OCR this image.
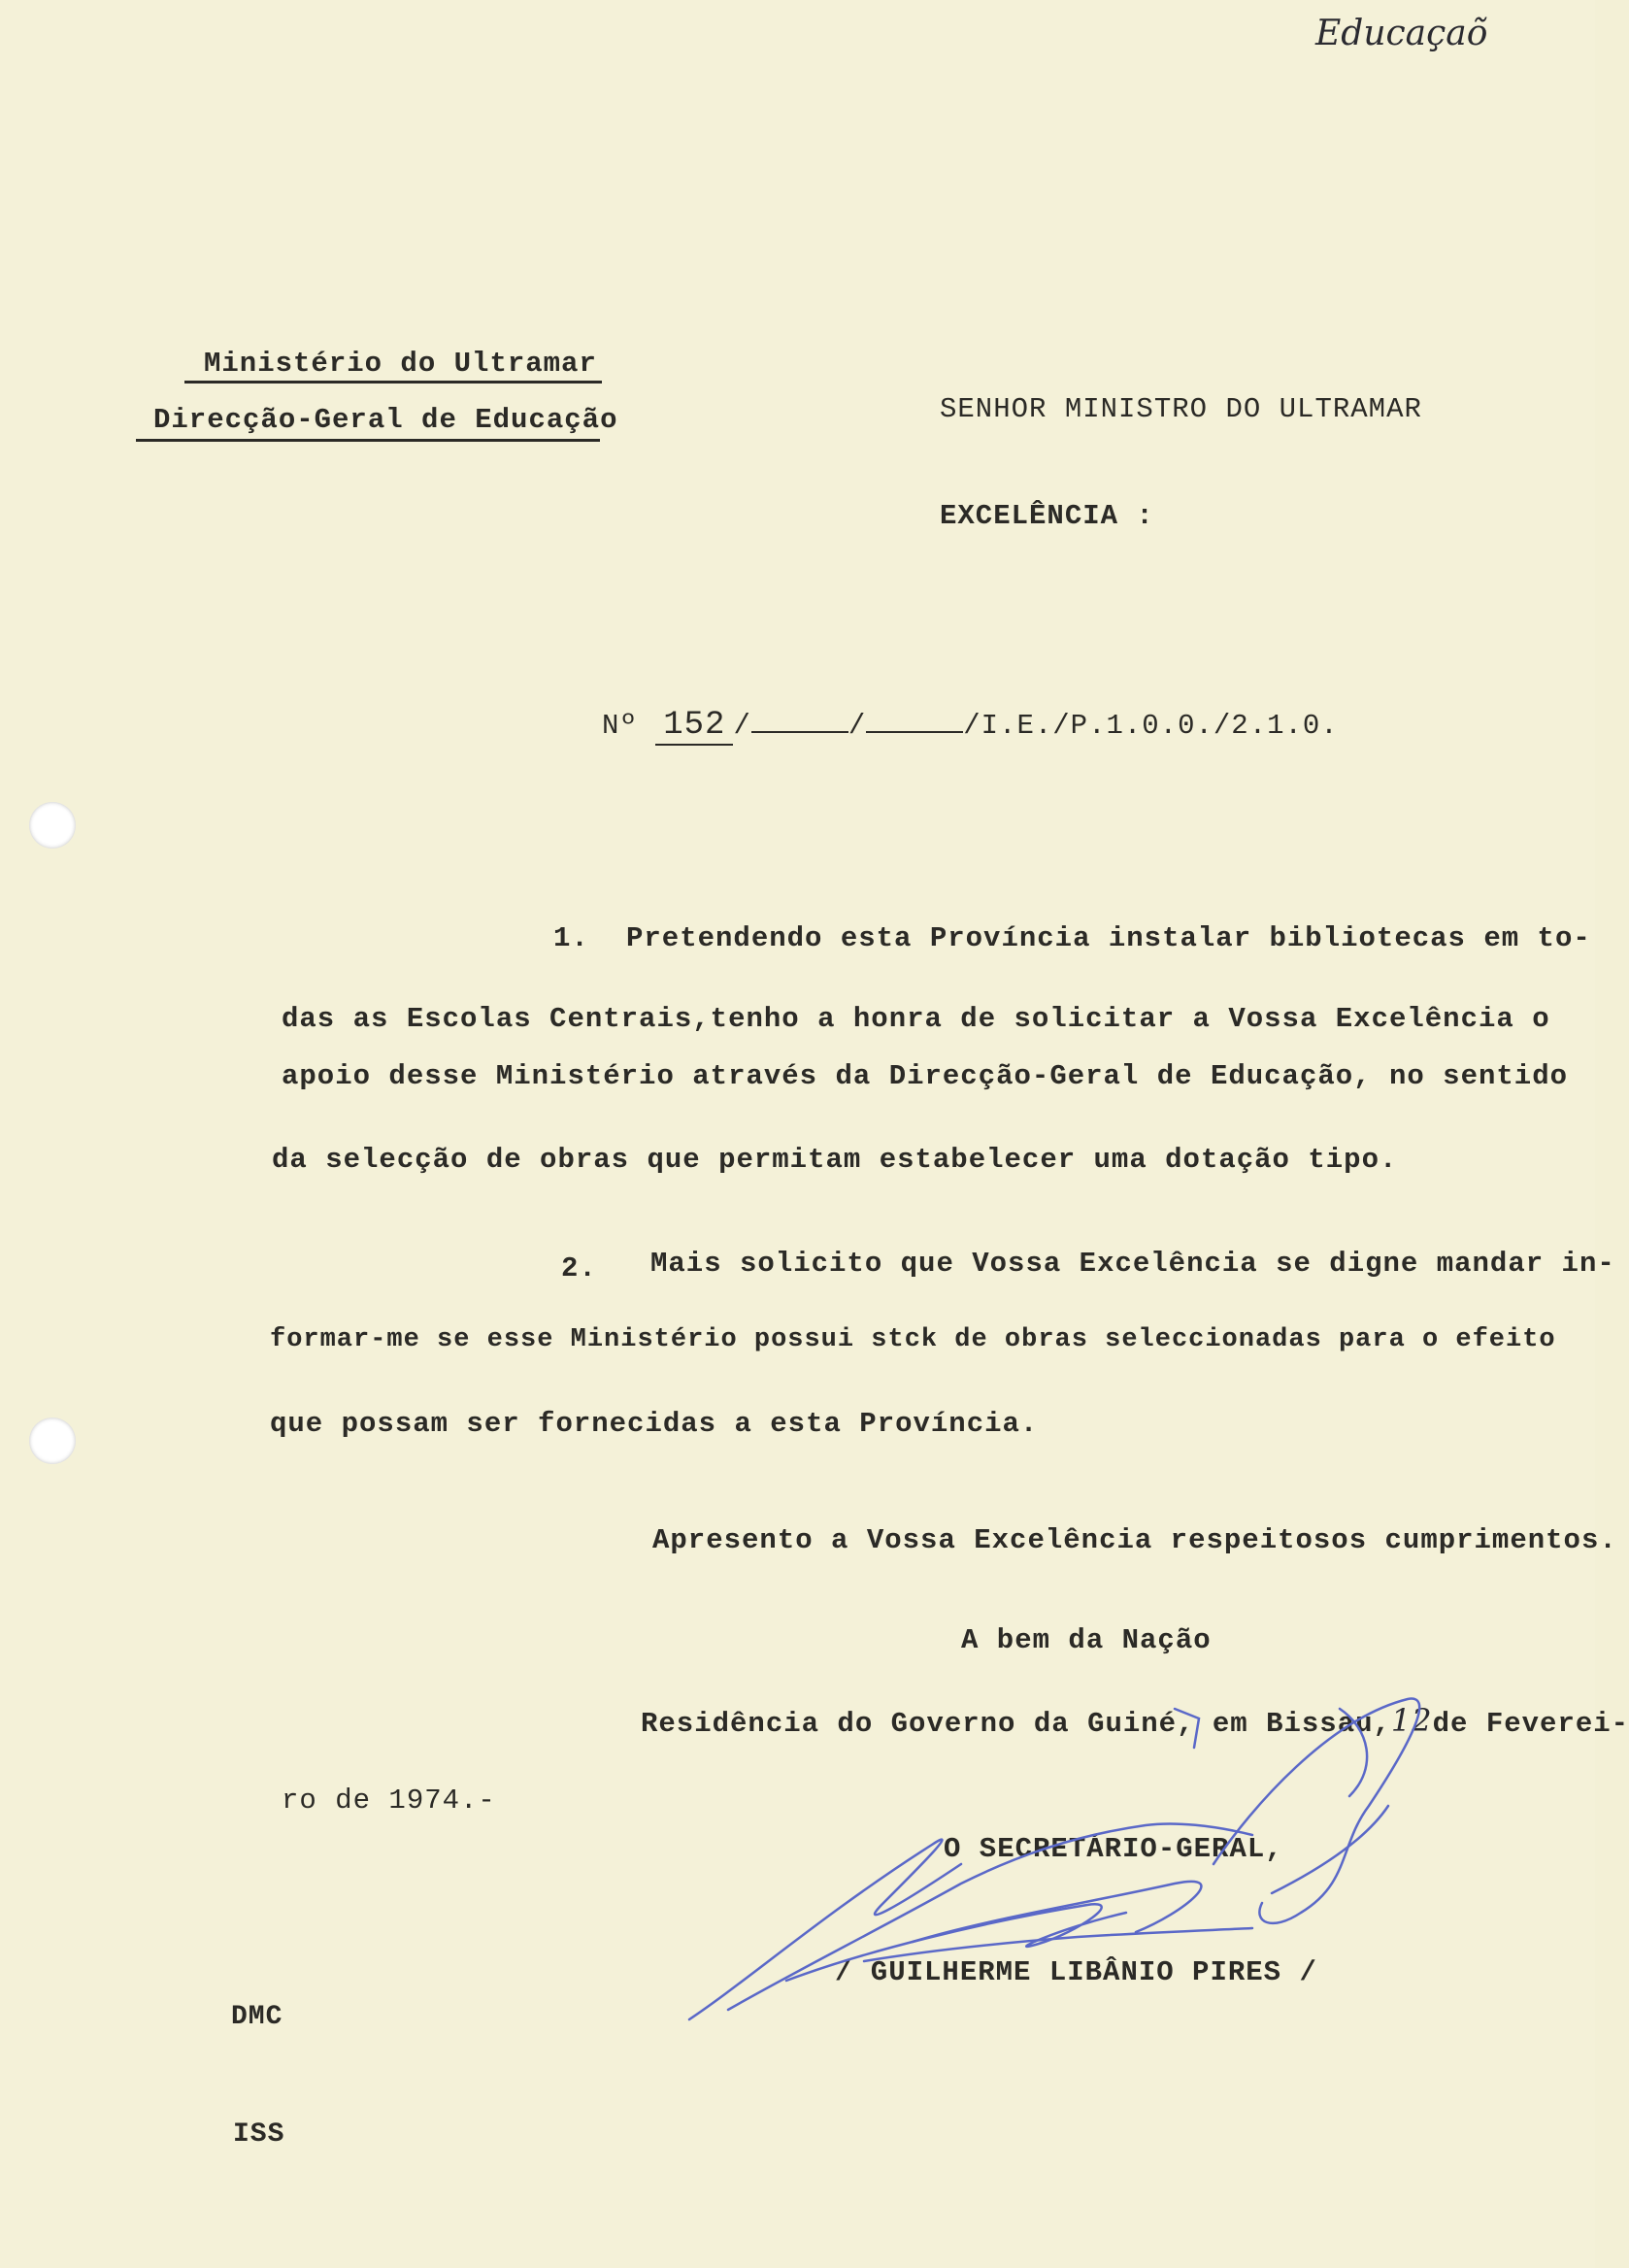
Educaçaõ
Ministério do Ultramar
Direcção-Geral de Educação	SENHOR MINISTRO DO ULTRAMAR
EXCELÊNCIA :
Nº 152 /	/	/I.E./P.1.0.0./2.1.0.
1. Pretendendo esta Província instalar bibliotecas em to-
das as Escolas Centrais,tenho a honra de solicitar a Vossa Excelência o
apoio desse Ministério através da Direcção-Geral de Educação, no sentido
da selecção de obras que permitam estabelecer uma dotação tipo.
2. Mais solicito que Vossa Excelência se digne mandar in-
formar-me se esse Ministério possui stck de obras seleccionadas para o efeito
que possam ser fornecidas a esta Província.
Apresento a Vossa Excelência respeitosos cumprimentos.
A bem da Nação
Residência do Governo da Guiné, em Bissau,12de Feverei-
ro de 1974.-
O SECRETÁRIO-GERAL,
/ GUILHERME LIBÂNIO PIRES /
DMC
ISS
